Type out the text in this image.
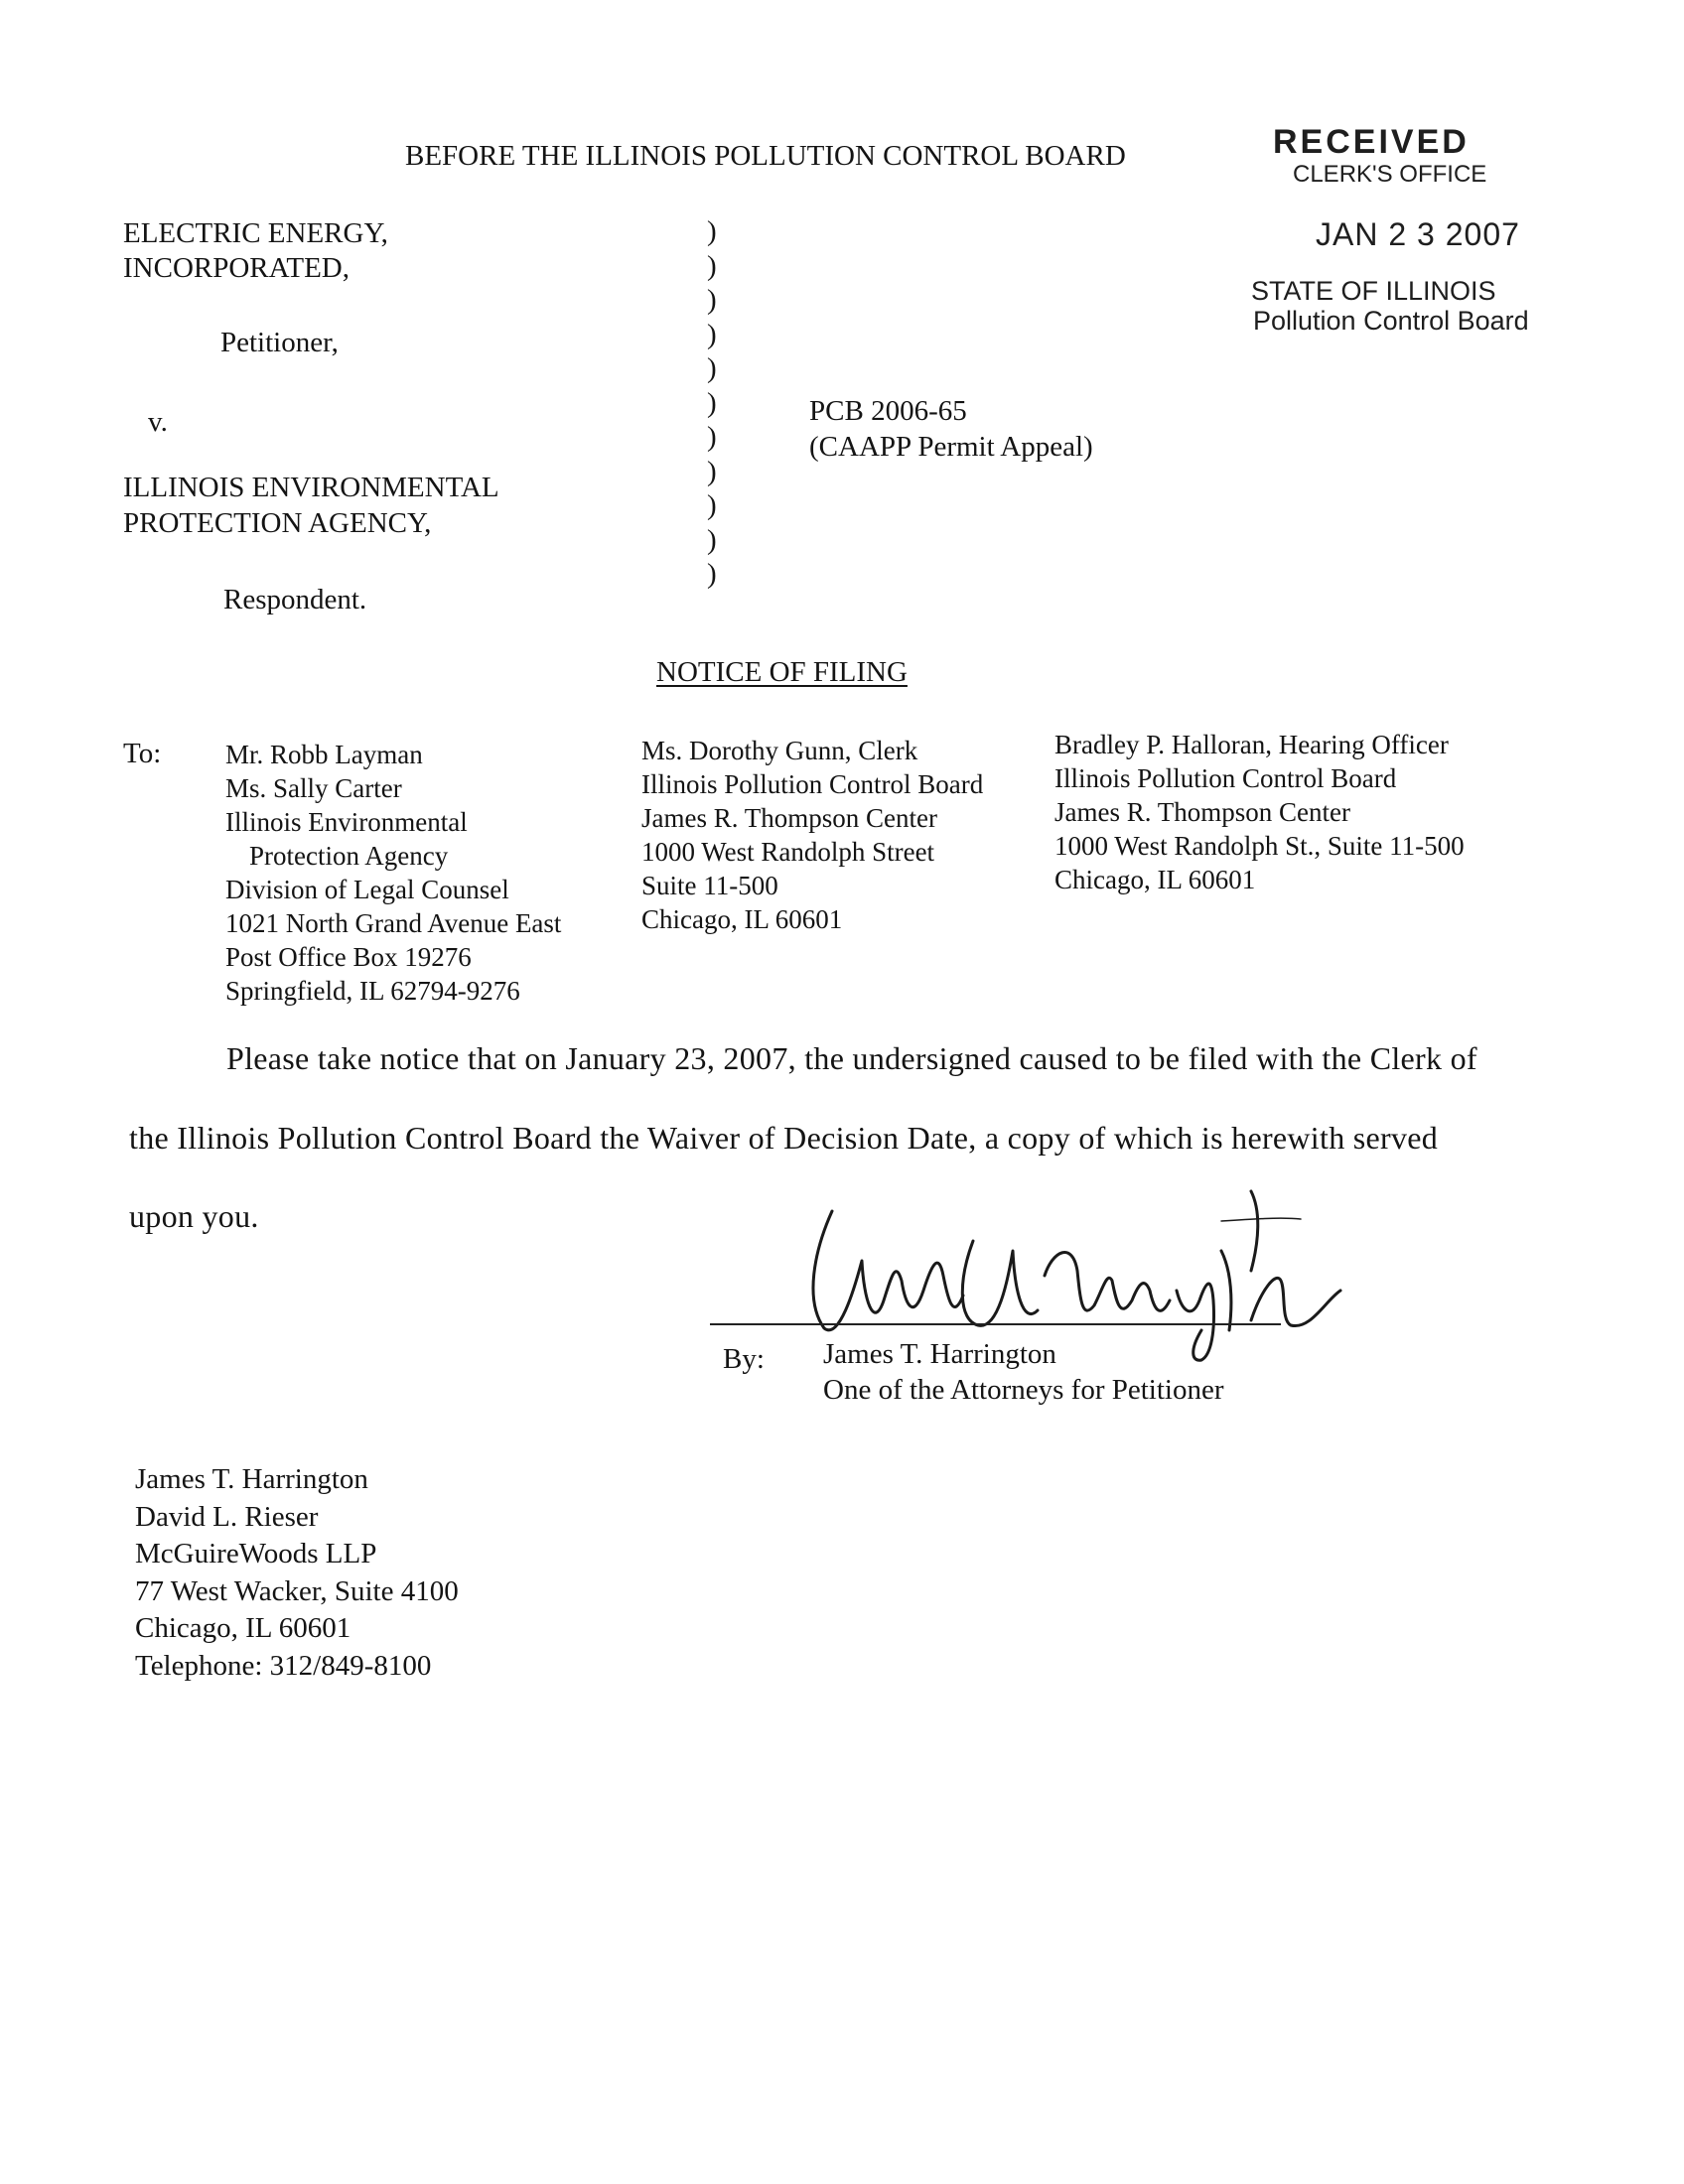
BEFORE THE ILLINOIS POLLUTION CONTROL BOARD	RECEIVED
CLERK'S OFFICE
JAN 2 3 2007
STATE OF ILLINOIS
Pollution Control Board
ELECTRIC ENERGY,
INCORPORATED,
Petitioner,
v.
ILLINOIS ENVIRONMENTAL
PROTECTION AGENCY,
Respondent.
)
)
)
)
)
)
)
)
)
)
)
PCB 2006-65
(CAAPP Permit Appeal)
NOTICE OF FILING
To: Mr. Robb Layman
Ms. Sally Carter
Illinois Environmental
Protection Agency
Division of Legal Counsel
1021 North Grand Avenue East
Post Office Box 19276
Springfield, IL 62794-9276
Ms. Dorothy Gunn, Clerk
Illinois Pollution Control Board
James R. Thompson Center
1000 West Randolph Street
Suite 11-500
Chicago, IL 60601
Bradley P. Halloran, Hearing Officer
Illinois Pollution Control Board
James R. Thompson Center
1000 West Randolph St., Suite 11-500
Chicago, IL 60601
Please take notice that on January 23, 2007, the undersigned caused to be filed with the Clerk of
the Illinois Pollution Control Board the Waiver of Decision Date, a copy of which is herewith served
upon you.
By: James T. Harrington
One of the Attorneys for Petitioner
James T. Harrington
David L. Rieser
McGuireWoods LLP
77 West Wacker, Suite 4100
Chicago, IL 60601
Telephone: 312/849-8100
